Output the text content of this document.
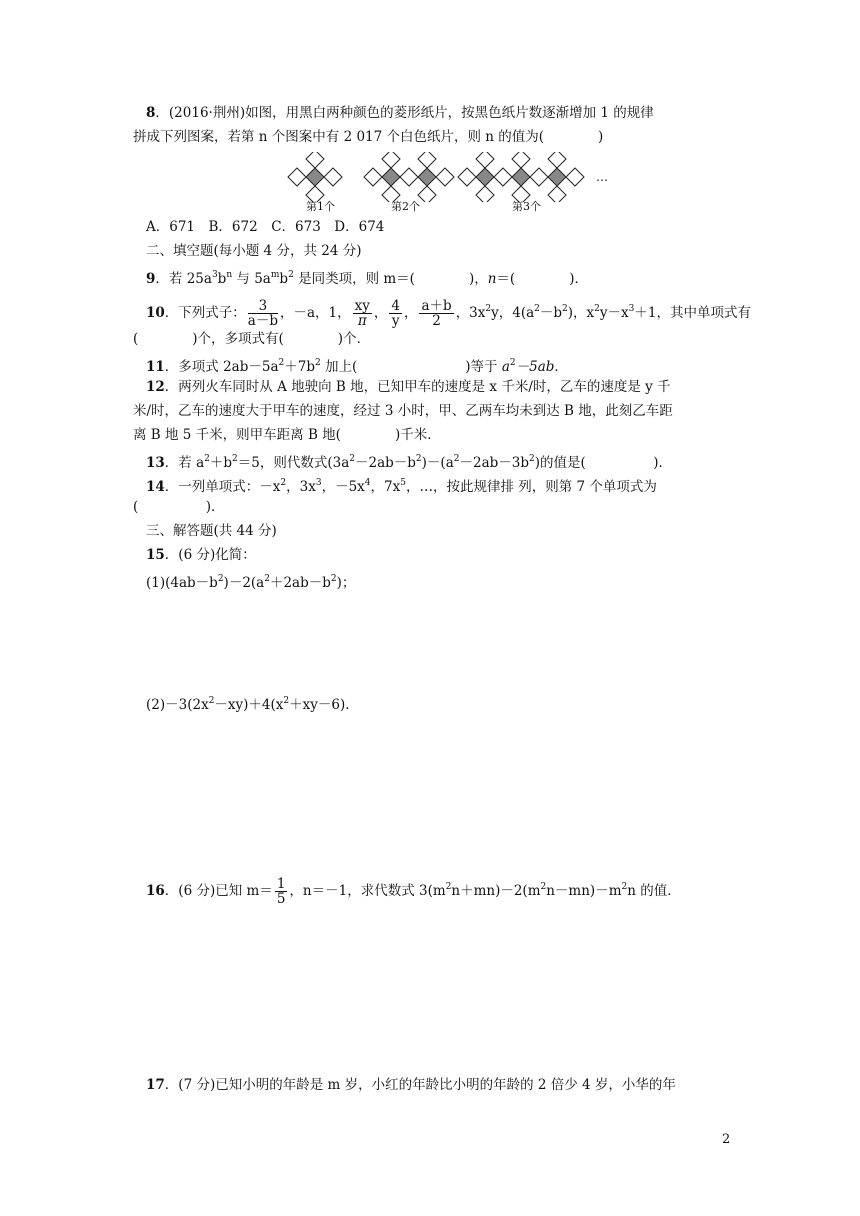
8．(2016·荆州)如图，用黑白两种颜色的菱形纸片，按黑色纸片数逐渐增加 1 的规律
拼成下列图案，若第 n 个图案中有 2 017 个白色纸片，则 n 的值为(　　　　)
第1个	第2个	第3个
…
A．671　B．672　C．673　D．674
二、填空题(每小题 4 分，共 24 分)
9．若 $25a^3b^n$ 与 $5a^mb^2$ 是同类项，则 m＝(　　　　)，n＝(　　　　)．
10．下列式子： $\frac{3}{a-b}$ ，－a，1， $\frac{xy}{\pi}$ ， $\frac{4}{y}$ ， $\frac{a+b}{2}$ ，$3x^2y$，$4(a^2-b^2)$，$x^2y-x^3+1$，其中单项式有
(　　　　)个，多项式有(　　　　)个．
11．多项式 $2ab-5a^2+7b^2$ 加上(　　　　　　　　)等于 $a^2-5ab$．
12．两列火车同时从 A 地驶向 B 地，已知甲车的速度是 x 千米/时，乙车的速度是 y 千
米/时，乙车的速度大于甲车的速度，经过 3 小时，甲、乙两车均未到达 B 地，此刻乙车距
离 B 地 5 千米，则甲车距离 B 地(　　　　)千米．
13．若 $a^2+b^2=5$，则代数式$(3a^2-2ab-b^2)-(a^2-2ab-3b^2)$的值是(　　　　　)．
14．一列单项式：$-x^2$，$3x^3$，$-5x^4$，$7x^5$，…，按此规律排 列，则第 7 个单项式为
(　　　　　)．
三、解答题(共 44 分)
15．(6 分)化简：
$(1)(4ab-b^2)-2(a^2+2ab-b^2)$；
$(2)-3(2x^2-xy)+4(x^2+xy-6)$．
16．(6 分)已知 $m= \frac{1}{5}$ ，n＝－1，求代数式 $3(m^2n+mn)-2(m^2n-mn)-m^2n$ 的值．
17．(7 分)已知小明的年龄是 m 岁，小红的年龄比小明的年龄的 2 倍少 4 岁，小华的年
2
